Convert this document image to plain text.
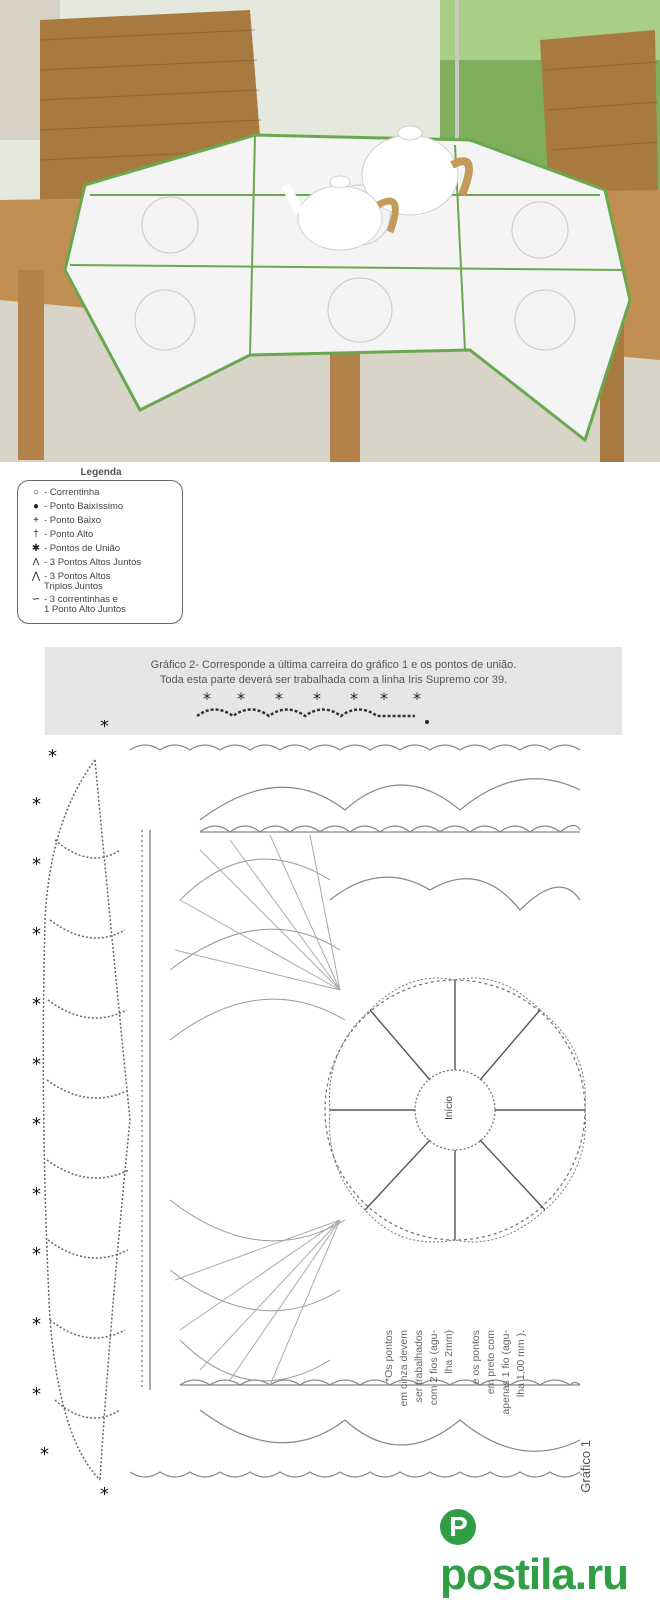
Legenda
○ - Correntinha
● - Ponto Baixíssimo
+ - Ponto Baixo
† - Ponto Alto
✱ - Pontos de União
Λ - 3 Pontos Altos Juntos
⋀ - 3 Pontos Altos
Triplos Juntos
∽ - 3 correntinhas e
1 Ponto Alto Juntos
Gráfico 2- Corresponde a última carreira do gráfico 1 e os pontos de união.
Toda esta parte deverá ser trabalhada com a linha Iris Supremo cor 39.
* * * * * * *
*
*
*
*
*
*
*
*
*
*
*
*
*
*
*Os pontos em cinza devem ser trabalhados com 2 fios (agu- lha 2mm) e os pontos em preto com apenas 1 fio (agu- lha 1,00 mm ).
Início
Gráfico 1
Ppostila.ru
